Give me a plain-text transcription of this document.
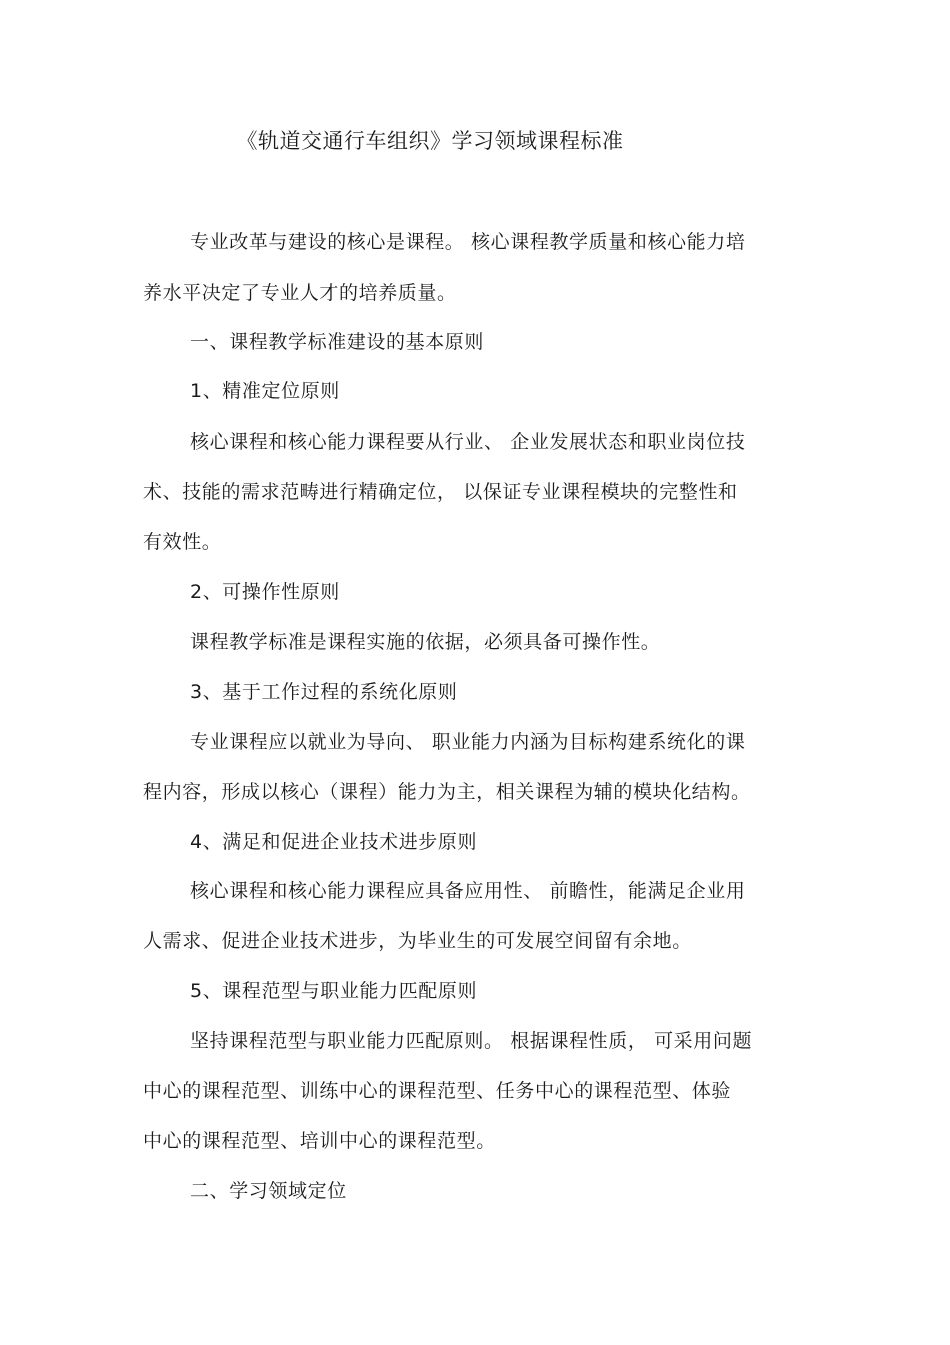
《轨道交通行车组织》学习领域课程标准

专业改革与建设的核心是课程。 核心课程教学质量和核心能力培

养水平决定了专业人才的培养质量。

一、课程教学标准建设的基本原则

1、精准定位原则

核心课程和核心能力课程要从行业、 企业发展状态和职业岗位技

术、技能的需求范畴进行精确定位， 以保证专业课程模块的完整性和

有效性。

2、可操作性原则

课程教学标准是课程实施的依据，必须具备可操作性。

3、基于工作过程的系统化原则

专业课程应以就业为导向、 职业能力内涵为目标构建系统化的课

程内容，形成以核心（课程）能力为主，相关课程为辅的模块化结构。

4、满足和促进企业技术进步原则

核心课程和核心能力课程应具备应用性、 前瞻性，能满足企业用

人需求、促进企业技术进步，为毕业生的可发展空间留有余地。

5、课程范型与职业能力匹配原则

坚持课程范型与职业能力匹配原则。 根据课程性质， 可采用问题

中心的课程范型、训练中心的课程范型、任务中心的课程范型、体验

中心的课程范型、培训中心的课程范型。

二、学习领域定位
